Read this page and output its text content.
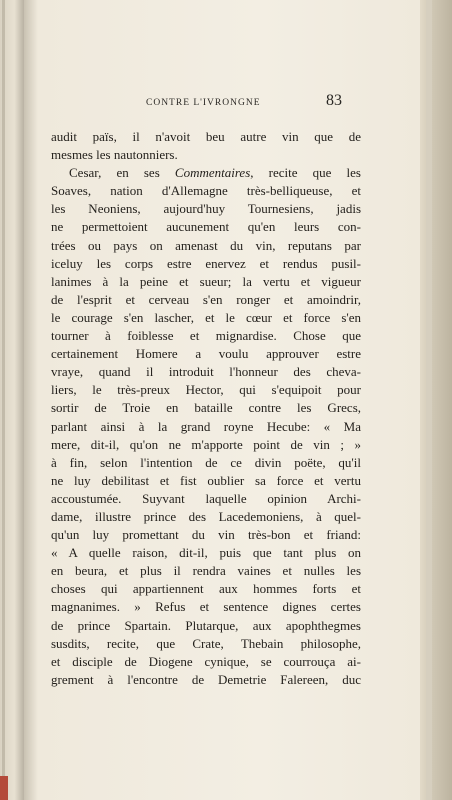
CONTRE L'IVRONGNE	83
audit païs, il n'avoit beu autre vin que de
mesmes les nautonniers.
Cesar, en ses Commentaires, recite que les
Soaves, nation d'Allemagne très-belliqueuse, et
les Neoniens, aujourd'huy Tournesiens, jadis
ne permettoient aucunement qu'en leurs con-
trées ou pays on amenast du vin, reputans par
iceluy les corps estre enervez et rendus pusil-
lanimes à la peine et sueur; la vertu et vigueur
de l'esprit et cerveau s'en ronger et amoindrir,
le courage s'en lascher, et le cœur et force s'en
tourner à foiblesse et mignardise. Chose que
certainement Homere a voulu approuver estre
vraye, quand il introduit l'honneur des cheva-
liers, le très-preux Hector, qui s'equipoit pour
sortir de Troie en bataille contre les Grecs,
parlant ainsi à la grand royne Hecube: « Ma
mere, dit-il, qu'on ne m'apporte point de vin ; »
à fin, selon l'intention de ce divin poëte, qu'il
ne luy debilitast et fist oublier sa force et vertu
accoustumée. Suyvant laquelle opinion Archi-
dame, illustre prince des Lacedemoniens, à quel-
qu'un luy promettant du vin très-bon et friand:
« A quelle raison, dit-il, puis que tant plus on
en beura, et plus il rendra vaines et nulles les
choses qui appartiennent aux hommes forts et
magnanimes. » Refus et sentence dignes certes
de prince Spartain. Plutarque, aux apophthegmes
susdits, recite, que Crate, Thebain philosophe,
et disciple de Diogene cynique, se courrouça ai-
grement à l'encontre de Demetrie Falereen, duc
